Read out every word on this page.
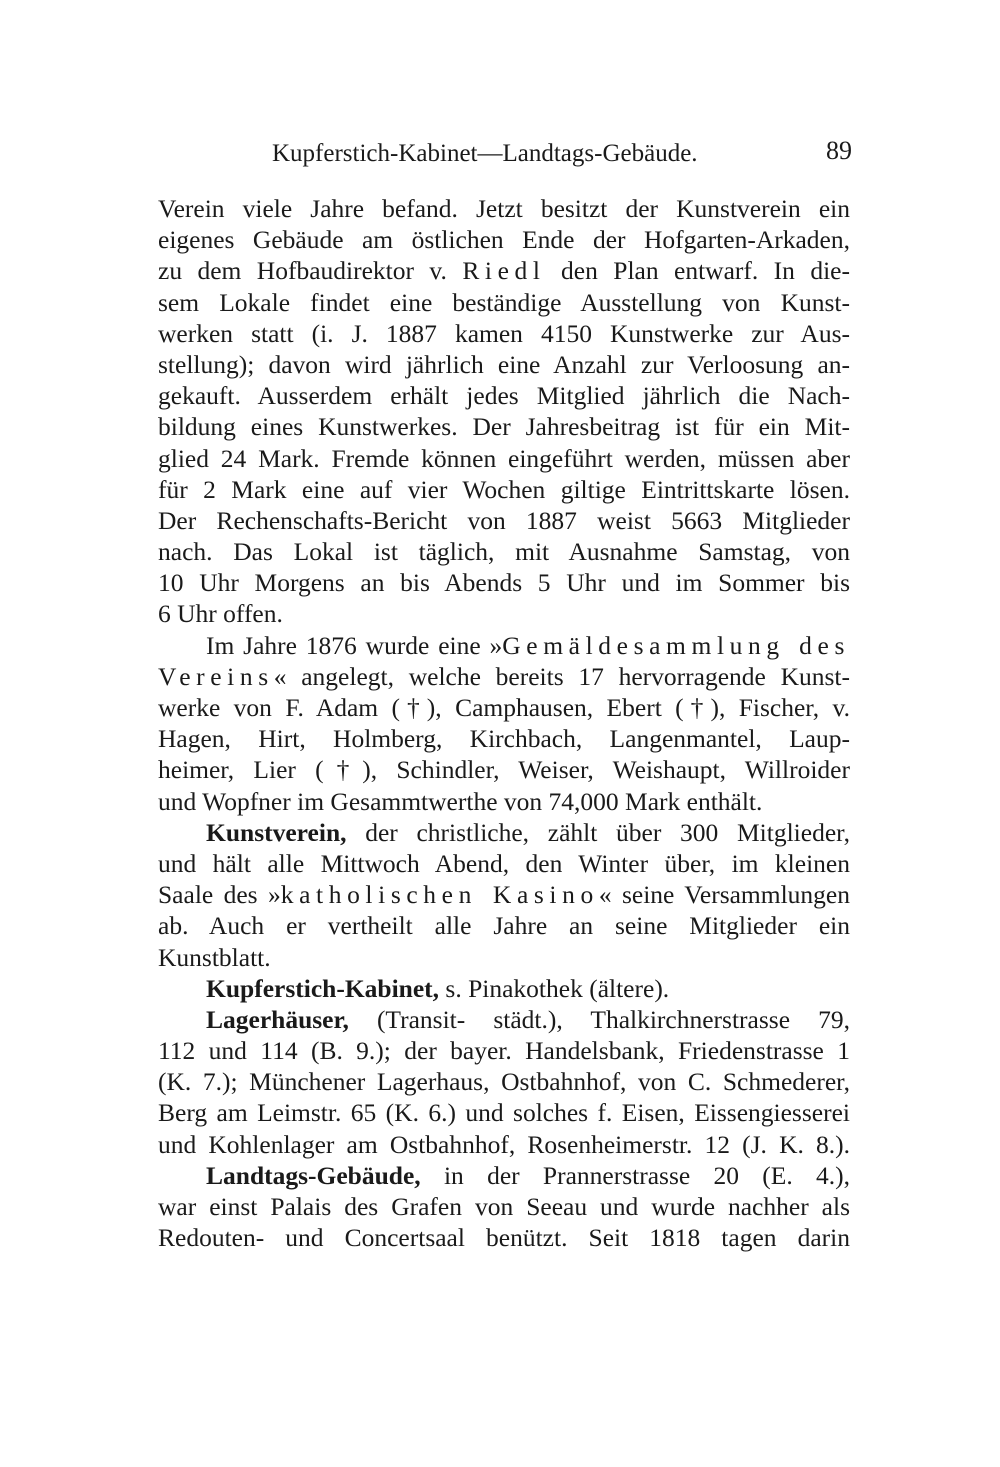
Kupferstich-Kabinet—Landtags-Gebäude.	89
Verein viele Jahre befand. Jetzt besitzt der Kunstverein ein
eigenes Gebäude am östlichen Ende der Hofgarten-Arkaden,
zu dem Hofbaudirektor v. Riedl den Plan entwarf. In die-
sem Lokale findet eine beständige Ausstellung von Kunst-
werken statt (i. J. 1887 kamen 4150 Kunstwerke zur Aus-
stellung); davon wird jährlich eine Anzahl zur Verloosung an-
gekauft. Ausserdem erhält jedes Mitglied jährlich die Nach-
bildung eines Kunstwerkes. Der Jahresbeitrag ist für ein Mit-
glied 24 Mark. Fremde können eingeführt werden, müssen aber
für 2 Mark eine auf vier Wochen giltige Eintrittskarte lösen.
Der Rechenschafts-Bericht von 1887 weist 5663 Mitglieder
nach. Das Lokal ist täglich, mit Ausnahme Samstag, von
10 Uhr Morgens an bis Abends 5 Uhr und im Sommer bis
6 Uhr offen.
Im Jahre 1876 wurde eine »Gemäldesammlung des
Vereins« angelegt, welche bereits 17 hervorragende Kunst-
werke von F. Adam (†), Camphausen, Ebert (†), Fischer, v.
Hagen, Hirt, Holmberg, Kirchbach, Langenmantel, Laup-
heimer, Lier (†), Schindler, Weiser, Weishaupt, Willroider
und Wopfner im Gesammtwerthe von 74,000 Mark enthält.
Kunstverein, der christliche, zählt über 300 Mitglieder,
und hält alle Mittwoch Abend, den Winter über, im kleinen
Saale des »katholischen Kasino« seine Versammlungen
ab. Auch er vertheilt alle Jahre an seine Mitglieder ein
Kunstblatt.
Kupferstich-Kabinet, s. Pinakothek (ältere).
Lagerhäuser, (Transit- städt.), Thalkirchnerstrasse 79,
112 und 114 (B. 9.); der bayer. Handelsbank, Friedenstrasse 1
(K. 7.); Münchener Lagerhaus, Ostbahnhof, von C. Schmederer,
Berg am Leimstr. 65 (K. 6.) und solches f. Eisen, Eissengiesserei
und Kohlenlager am Ostbahnhof, Rosenheimerstr. 12 (J. K. 8.).
Landtags-Gebäude, in der Prannerstrasse 20 (E. 4.),
war einst Palais des Grafen von Seeau und wurde nachher als
Redouten- und Concertsaal benützt. Seit 1818 tagen darin
